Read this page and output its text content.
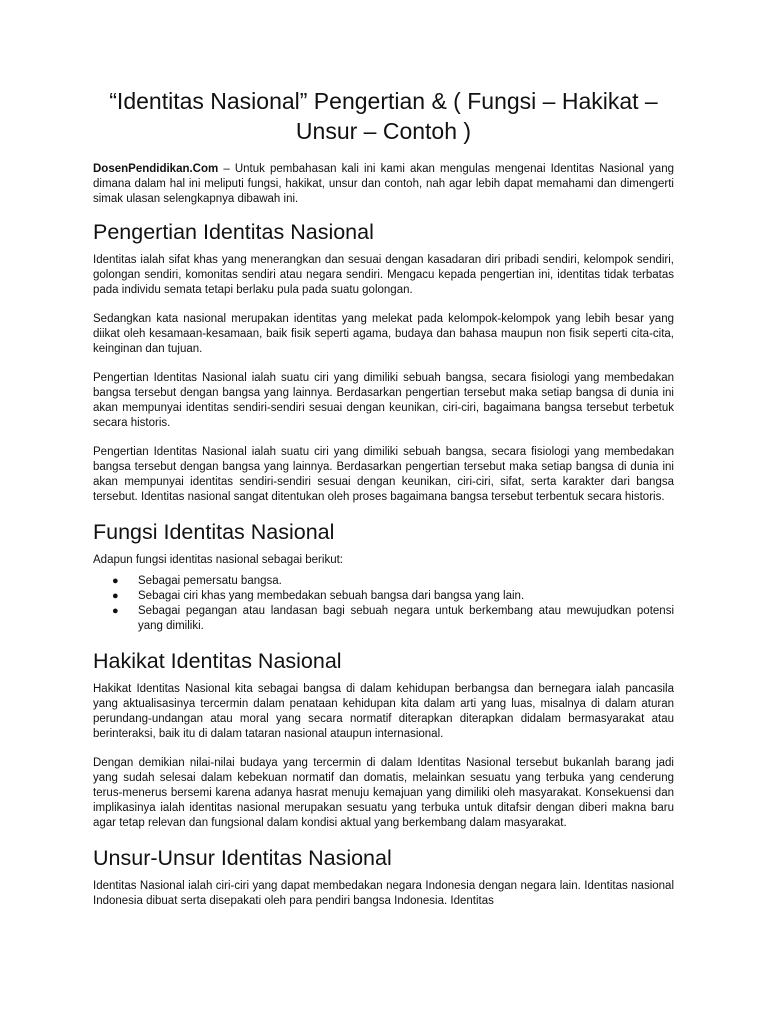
“Identitas Nasional” Pengertian & ( Fungsi – Hakikat – Unsur – Contoh )

DosenPendidikan.Com – Untuk pembahasan kali ini kami akan mengulas mengenai Identitas Nasional yang dimana dalam hal ini meliputi fungsi, hakikat, unsur dan contoh, nah agar lebih dapat memahami dan dimengerti simak ulasan selengkapnya dibawah ini.

Pengertian Identitas Nasional

Identitas ialah sifat khas yang menerangkan dan sesuai dengan kasadaran diri pribadi sendiri, kelompok sendiri, golongan sendiri, komonitas sendiri atau negara sendiri. Mengacu kepada pengertian ini, identitas tidak terbatas pada individu semata tetapi berlaku pula pada suatu golongan.

Sedangkan kata nasional merupakan identitas yang melekat pada kelompok-kelompok yang lebih besar yang diikat oleh kesamaan-kesamaan, baik fisik seperti agama, budaya dan bahasa maupun non fisik seperti cita-cita, keinginan dan tujuan.

Pengertian Identitas Nasional ialah suatu ciri yang dimiliki sebuah bangsa, secara fisiologi yang membedakan bangsa tersebut dengan bangsa yang lainnya. Berdasarkan pengertian tersebut maka setiap bangsa di dunia ini akan mempunyai identitas sendiri-sendiri sesuai dengan keunikan, ciri-ciri, bagaimana bangsa tersebut terbetuk secara historis.

Pengertian Identitas Nasional ialah suatu ciri yang dimiliki sebuah bangsa, secara fisiologi yang membedakan bangsa tersebut dengan bangsa yang lainnya. Berdasarkan pengertian tersebut maka setiap bangsa di dunia ini akan mempunyai identitas sendiri-sendiri sesuai dengan keunikan, ciri-ciri, sifat, serta karakter dari bangsa tersebut. Identitas nasional sangat ditentukan oleh proses bagaimana bangsa tersebut terbentuk secara historis.

Fungsi Identitas Nasional

Adapun fungsi identitas nasional sebagai berikut:

● Sebagai pemersatu bangsa.
● Sebagai ciri khas yang membedakan sebuah bangsa dari bangsa yang lain.
● Sebagai pegangan atau landasan bagi sebuah negara untuk berkembang atau mewujudkan potensi yang dimiliki.
Hakikat Identitas Nasional

Hakikat Identitas Nasional kita sebagai bangsa di dalam kehidupan berbangsa dan bernegara ialah pancasila yang aktualisasinya tercermin dalam penataan kehidupan kita dalam arti yang luas, misalnya di dalam aturan perundang-undangan atau moral yang secara normatif diterapkan diterapkan didalam bermasyarakat atau berinteraksi, baik itu di dalam tataran nasional ataupun internasional.

Dengan demikian nilai-nilai budaya yang tercermin di dalam Identitas Nasional tersebut bukanlah barang jadi yang sudah selesai dalam kebekuan normatif dan domatis, melainkan sesuatu yang terbuka yang cenderung terus-menerus bersemi karena adanya hasrat menuju kemajuan yang dimiliki oleh masyarakat. Konsekuensi dan implikasinya ialah identitas nasional merupakan sesuatu yang terbuka untuk ditafsir dengan diberi makna baru agar tetap relevan dan fungsional dalam kondisi aktual yang berkembang dalam masyarakat.

Unsur-Unsur Identitas Nasional

Identitas Nasional ialah ciri-ciri yang dapat membedakan negara Indonesia dengan negara lain. Identitas nasional Indonesia dibuat serta disepakati oleh para pendiri bangsa Indonesia. Identitas
